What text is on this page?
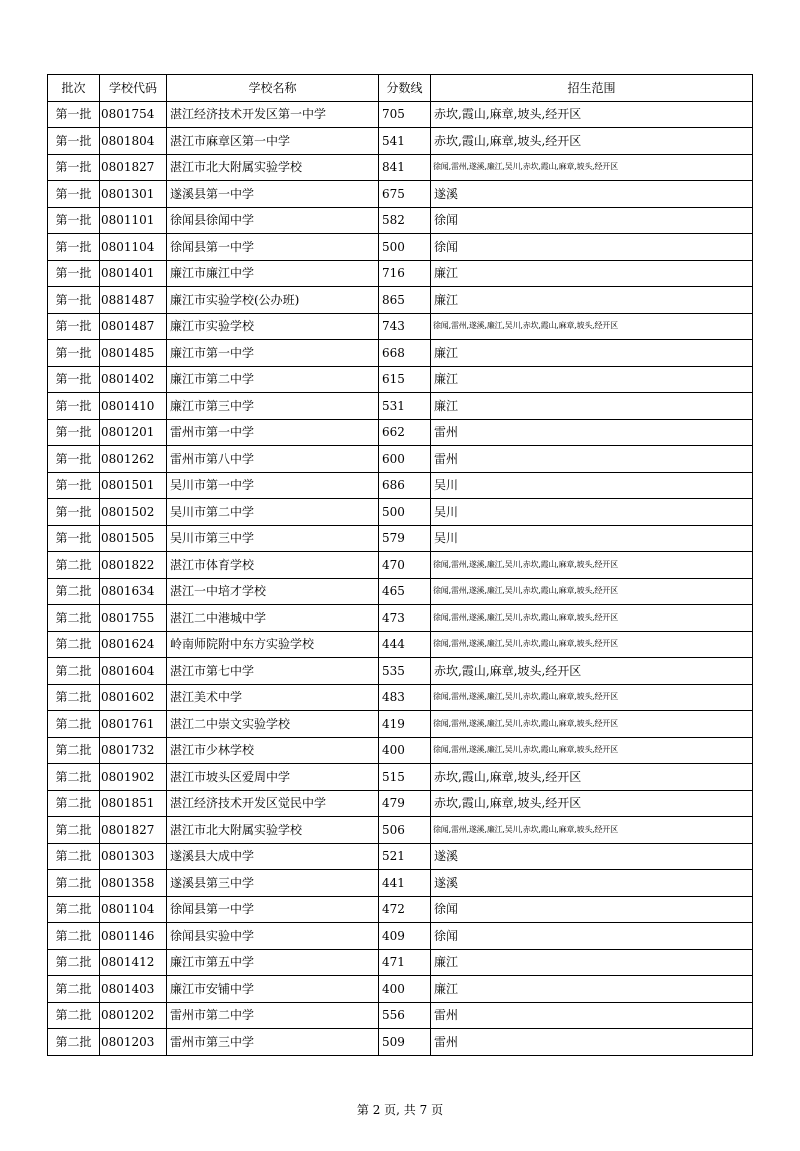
批次	学校代码	学校名称	分数线	招生范围
第一批	0801754	湛江经济技术开发区第一中学	705	赤坎,霞山,麻章,坡头,经开区
第一批	0801804	湛江市麻章区第一中学	541	赤坎,霞山,麻章,坡头,经开区
第一批	0801827	湛江市北大附属实验学校	841	徐闻,雷州,遂溪,廉江,吴川,赤坎,霞山,麻章,坡头,经开区
第一批	0801301	遂溪县第一中学	675	遂溪
第一批	0801101	徐闻县徐闻中学	582	徐闻
第一批	0801104	徐闻县第一中学	500	徐闻
第一批	0801401	廉江市廉江中学	716	廉江
第一批	0881487	廉江市实验学校(公办班)	865	廉江
第一批	0801487	廉江市实验学校	743	徐闻,雷州,遂溪,廉江,吴川,赤坎,霞山,麻章,坡头,经开区
第一批	0801485	廉江市第一中学	668	廉江
第一批	0801402	廉江市第二中学	615	廉江
第一批	0801410	廉江市第三中学	531	廉江
第一批	0801201	雷州市第一中学	662	雷州
第一批	0801262	雷州市第八中学	600	雷州
第一批	0801501	吴川市第一中学	686	吴川
第一批	0801502	吴川市第二中学	500	吴川
第一批	0801505	吴川市第三中学	579	吴川
第二批	0801822	湛江市体育学校	470	徐闻,雷州,遂溪,廉江,吴川,赤坎,霞山,麻章,坡头,经开区
第二批	0801634	湛江一中培才学校	465	徐闻,雷州,遂溪,廉江,吴川,赤坎,霞山,麻章,坡头,经开区
第二批	0801755	湛江二中港城中学	473	徐闻,雷州,遂溪,廉江,吴川,赤坎,霞山,麻章,坡头,经开区
第二批	0801624	岭南师院附中东方实验学校	444	徐闻,雷州,遂溪,廉江,吴川,赤坎,霞山,麻章,坡头,经开区
第二批	0801604	湛江市第七中学	535	赤坎,霞山,麻章,坡头,经开区
第二批	0801602	湛江美术中学	483	徐闻,雷州,遂溪,廉江,吴川,赤坎,霞山,麻章,坡头,经开区
第二批	0801761	湛江二中崇文实验学校	419	徐闻,雷州,遂溪,廉江,吴川,赤坎,霞山,麻章,坡头,经开区
第二批	0801732	湛江市少林学校	400	徐闻,雷州,遂溪,廉江,吴川,赤坎,霞山,麻章,坡头,经开区
第二批	0801902	湛江市坡头区爱周中学	515	赤坎,霞山,麻章,坡头,经开区
第二批	0801851	湛江经济技术开发区觉民中学	479	赤坎,霞山,麻章,坡头,经开区
第二批	0801827	湛江市北大附属实验学校	506	徐闻,雷州,遂溪,廉江,吴川,赤坎,霞山,麻章,坡头,经开区
第二批	0801303	遂溪县大成中学	521	遂溪
第二批	0801358	遂溪县第三中学	441	遂溪
第二批	0801104	徐闻县第一中学	472	徐闻
第二批	0801146	徐闻县实验中学	409	徐闻
第二批	0801412	廉江市第五中学	471	廉江
第二批	0801403	廉江市安铺中学	400	廉江
第二批	0801202	雷州市第二中学	556	雷州
第二批	0801203	雷州市第三中学	509	雷州
第 2 页, 共 7 页
